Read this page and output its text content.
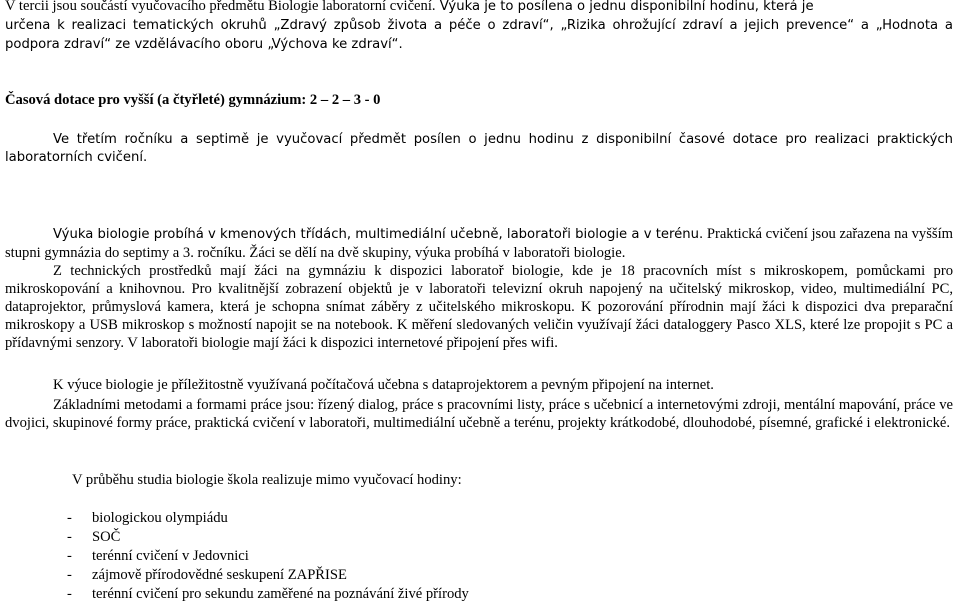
V tercii jsou součástí vyučovacího předmětu Biologie laboratorní cvičení. Výuka je to posílena o jednu disponibilní hodinu, která je
určena k realizaci tematických okruhů „Zdravý způsob života a péče o zdraví“, „Rizika ohrožující zdraví a jejich prevence“ a „Hodnota a podpora zdraví“ ze vzdělávacího oboru „Výchova ke zdraví“.

Časová dotace pro vyšší (a čtyřleté) gymnázium: 2 – 2 – 3 - 0

Ve třetím ročníku a septimě je vyučovací předmět posílen o jednu hodinu z disponibilní časové dotace pro realizaci praktických laboratorních cvičení.

Výuka biologie probíhá v kmenových třídách, multimediální učebně, laboratoři biologie a v terénu. Praktická cvičení jsou zařazena na vyšším stupni gymnázia do septimy a 3. ročníku. Žáci se dělí na dvě skupiny, výuka probíhá v laboratoři biologie.

Z technických prostředků mají žáci na gymnáziu k dispozici laboratoř biologie, kde je 18 pracovních míst s mikroskopem, pomůckami pro mikroskopování a knihovnou. Pro kvalitnější zobrazení objektů je v laboratoři televizní okruh napojený na učitelský mikroskop, video, multimediální PC, dataprojektor, průmyslová kamera, která je schopna snímat záběry z učitelského mikroskopu. K pozorování přírodnin mají žáci k dispozici dva preparační mikroskopy a USB mikroskop s možností napojit se na notebook. K měření sledovaných veličin využívají žáci dataloggery Pasco XLS, které lze propojit s PC a přídavnými senzory. V laboratoři biologie mají žáci k dispozici internetové připojení přes wifi.

K výuce biologie je příležitostně využívaná počítačová učebna s dataprojektorem a pevným připojení na internet.

Základními metodami a formami práce jsou: řízený dialog, práce s pracovními listy, práce s učebnicí a internetovými zdroji, mentální mapování, práce ve dvojici, skupinové formy práce, praktická cvičení v laboratoři, multimediální učebně a terénu, projekty krátkodobé, dlouhodobé, písemné, grafické i elektronické.

V průběhu studia biologie škola realizuje mimo vyučovací hodiny:

- biologickou olympiádu
- SOČ
- terénní cvičení v Jedovnici
- zájmově přírodovědné seskupení ZAPŘISE
- terénní cvičení pro sekundu zaměřené na poznávání živé přírody
